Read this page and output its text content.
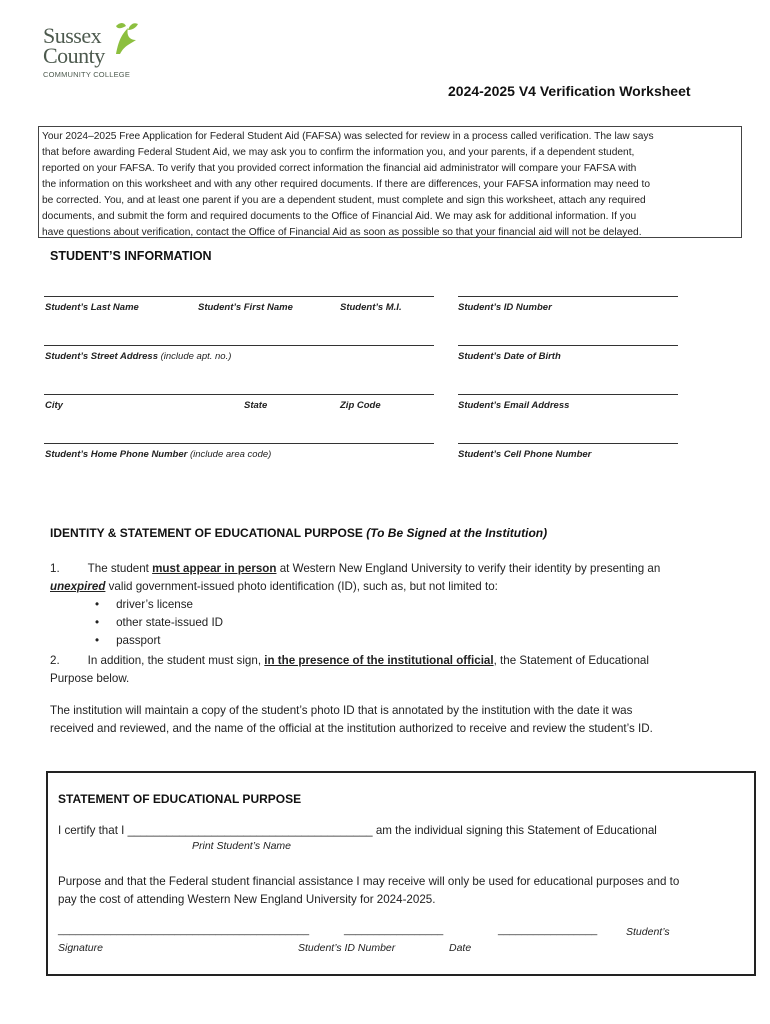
Sussex
County
COMMUNITY COLLEGE
2024-2025 V4 Verification Worksheet
Your 2024–2025 Free Application for Federal Student Aid (FAFSA) was selected for review in a process called verification. The law says
that before awarding Federal Student Aid, we may ask you to confirm the information you, and your parents, if a dependent student,
reported on your FAFSA. To verify that you provided correct information the financial aid administrator will compare your FAFSA with
the information on this worksheet and with any other required documents. If there are differences, your FAFSA information may need to
be corrected. You, and at least one parent if you are a dependent student, must complete and sign this worksheet, attach any required
documents, and submit the form and required documents to the Office of Financial Aid. We may ask for additional information. If you
have questions about verification, contact the Office of Financial Aid as soon as possible so that your financial aid will not be delayed.
STUDENT’S INFORMATION
Student’s Last Name	Student’s First Name	Student’s M.I.	Student’s ID Number
Student’s Street Address (include apt. no.)	Student’s Date of Birth
City	State	Zip Code	Student’s Email Address
Student’s Home Phone Number (include area code)	Student’s Cell Phone Number
IDENTITY & STATEMENT OF EDUCATIONAL PURPOSE (To Be Signed at the Institution)
1. The student must appear in person at Western New England University to verify their identity by presenting an
unexpired valid government-issued photo identification (ID), such as, but not limited to:
• driver’s license
• other state-issued ID
• passport
2. In addition, the student must sign, in the presence of the institutional official, the Statement of Educational
Purpose below.
The institution will maintain a copy of the student’s photo ID that is annotated by the institution with the date it was
received and reviewed, and the name of the official at the institution authorized to receive and review the student’s ID.
STATEMENT OF EDUCATIONAL PURPOSE
I certify that I ______________________________________ am the individual signing this Statement of Educational
Print Student’s Name
Purpose and that the Federal student financial assistance I may receive will only be used for educational purposes and to
pay the cost of attending Western New England University for 2024-2025.
___________________________________________	_________________	_________________	Student’s
Signature	Student’s ID Number	Date
